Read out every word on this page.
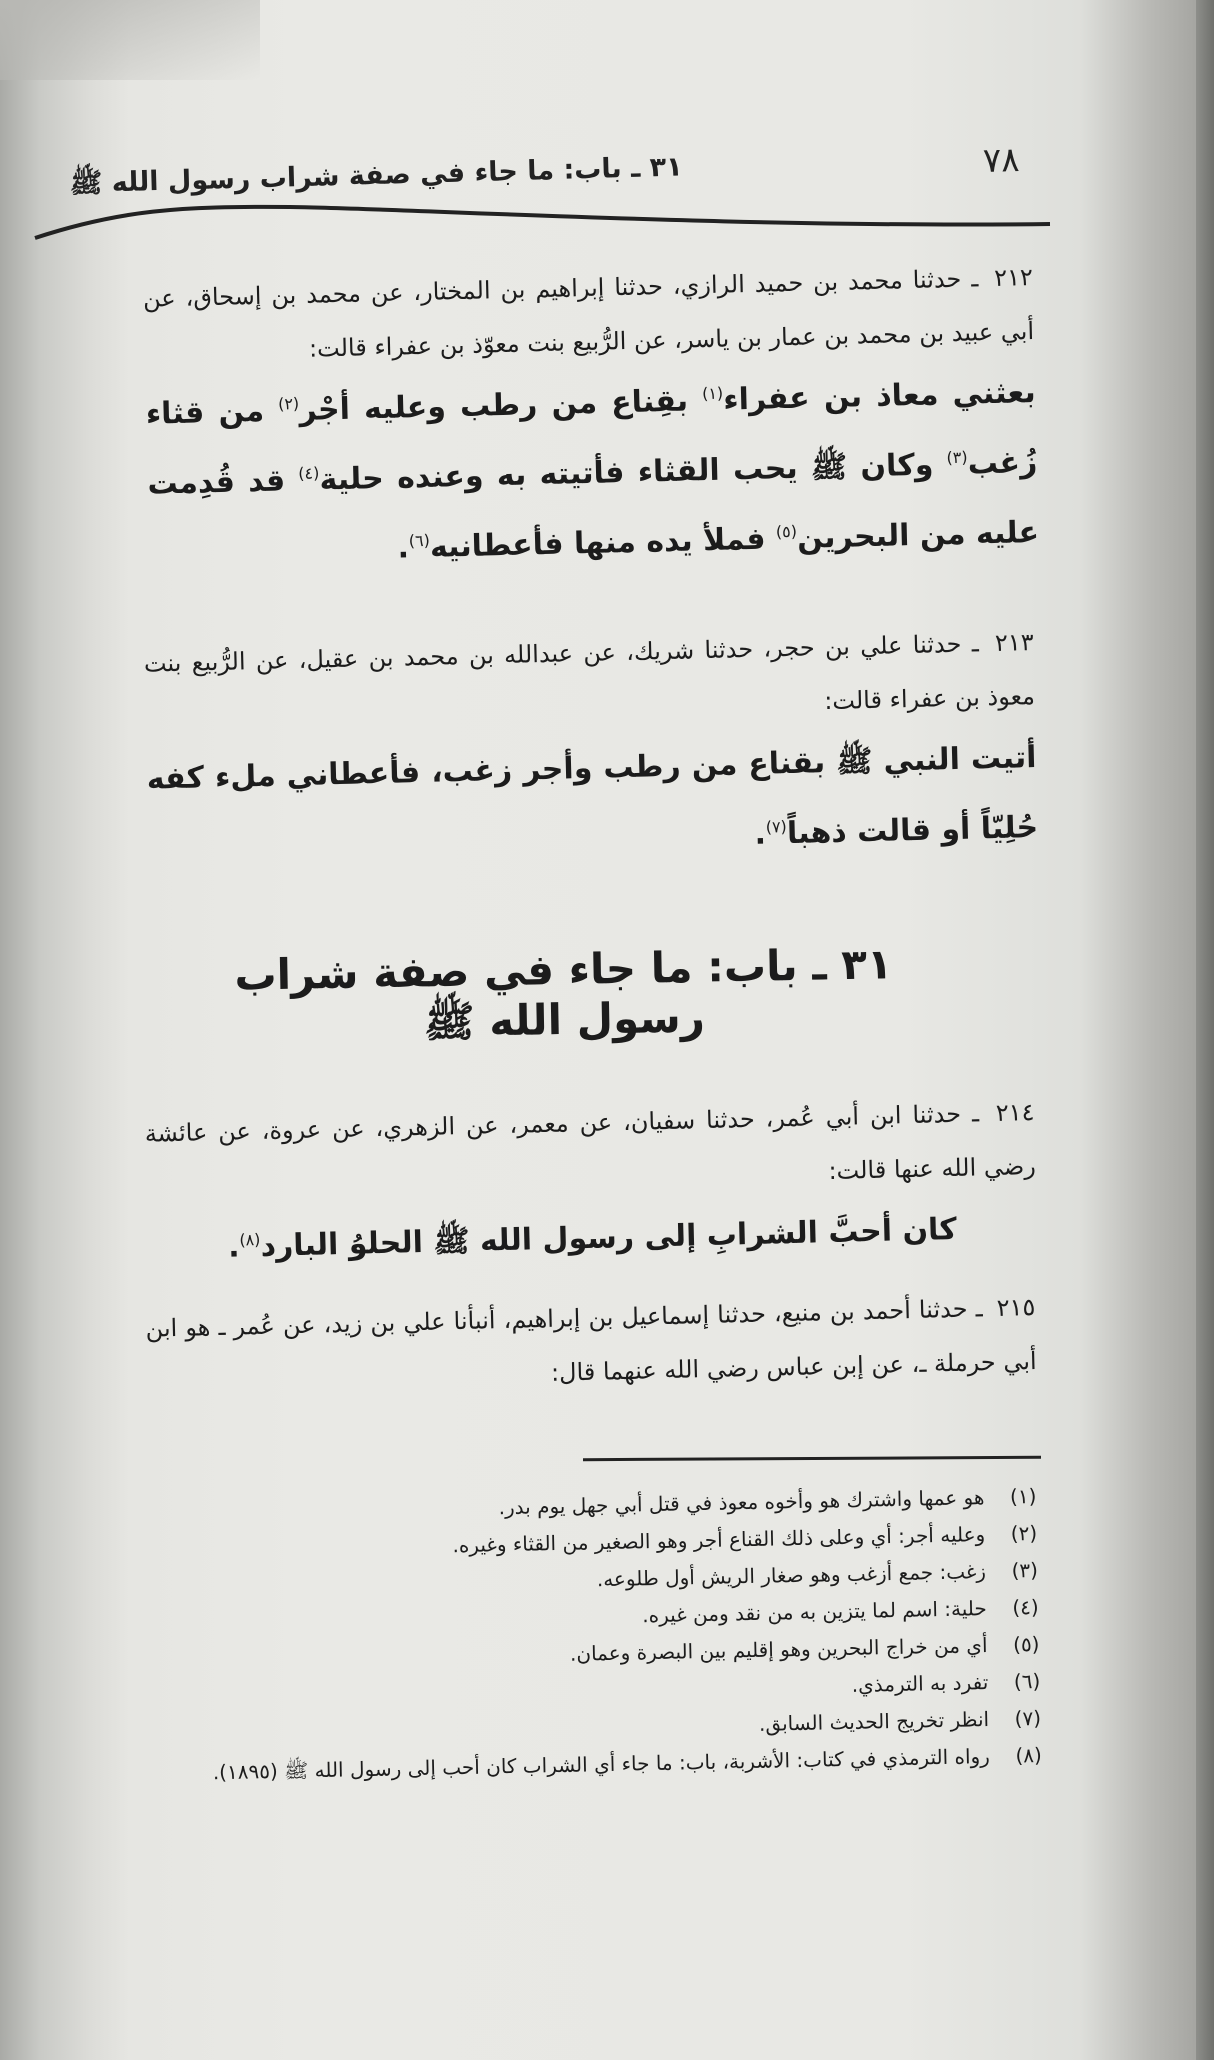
٣١ ـ باب: ما جاء في صفة شراب رسول الله ﷺ	٧٨
٢١٢ ـ حدثنا محمد بن حميد الرازي، حدثنا إبراهيم بن المختار، عن محمد بن إسحاق، عن أبي عبيد بن محمد بن عمار بن ياسر، عن الرُّبيع بنت معوّذ بن عفراء قالت:
بعثني معاذ بن عفراء$^{(١)}$ بقِناع من رطب وعليه أجْر$^{(٢)}$ من قثاء زُغب$^{(٣)}$ وكان ﷺ يحب القثاء فأتيته به وعنده حلية$^{(٤)}$ قد قُدِمت عليه من البحرين$^{(٥)}$ فملأ يده منها فأعطانيه$^{(٦)}$.
٢١٣ ـ حدثنا علي بن حجر، حدثنا شريك، عن عبدالله بن محمد بن عقيل، عن الرُّبيع بنت معوذ بن عفراء قالت:
أتيت النبي ﷺ بقناع من رطب وأجر زغب، فأعطاني ملء كفه حُلِيّاً أو قالت ذهباً$^{(٧)}$.
٣١ ـ باب: ما جاء في صفة شراب رسول الله ﷺ
٢١٤ ـ حدثنا ابن أبي عُمر، حدثنا سفيان، عن معمر، عن الزهري، عن عروة، عن عائشة رضي الله عنها قالت:
كان أحبَّ الشرابِ إلى رسول الله ﷺ الحلوُ البارد$^{(٨)}$.
٢١٥ ـ حدثنا أحمد بن منيع، حدثنا إسماعيل بن إبراهيم، أنبأنا علي بن زيد، عن عُمر ـ هو ابن أبي حرملة ـ، عن إبن عباس رضي الله عنهما قال:
(١)
هو عمها واشترك هو وأخوه معوذ في قتل أبي جهل يوم بدر.
(٢)
وعليه أجر: أي وعلى ذلك القناع أجر وهو الصغير من القثاء وغيره.
(٣)
زغب: جمع أزغب وهو صغار الريش أول طلوعه.
(٤)
حلية: اسم لما يتزين به من نقد ومن غيره.
(٥)
أي من خراج البحرين وهو إقليم بين البصرة وعمان.
(٦)
تفرد به الترمذي.
(٧)
انظر تخريج الحديث السابق.
(٨)
رواه الترمذي في كتاب: الأشربة، باب: ما جاء أي الشراب كان أحب إلى رسول الله ﷺ (١٨٩٥).
